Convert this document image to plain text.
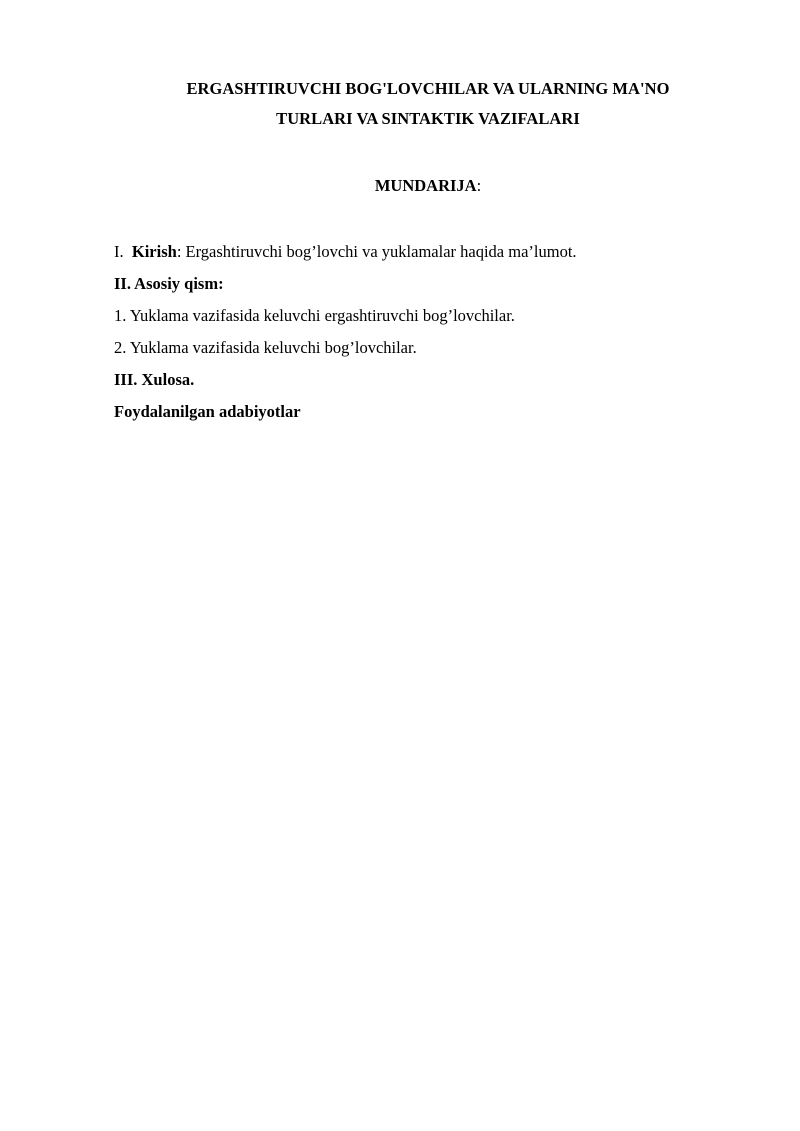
ERGASHTIRUVCHI BOG'LOVCHILAR VA ULARNING MA'NO
TURLARI VA SINTAKTIK VAZIFALARI
MUNDARIJA:
I. Kirish: Ergashtiruvchi bog’lovchi va yuklamalar haqida ma’lumot.
II. Asosiy qism:
1. Yuklama vazifasida keluvchi ergashtiruvchi bog’lovchilar.
2. Yuklama vazifasida keluvchi bog’lovchilar.
III. Xulosa.
Foydalanilgan adabiyotlar
